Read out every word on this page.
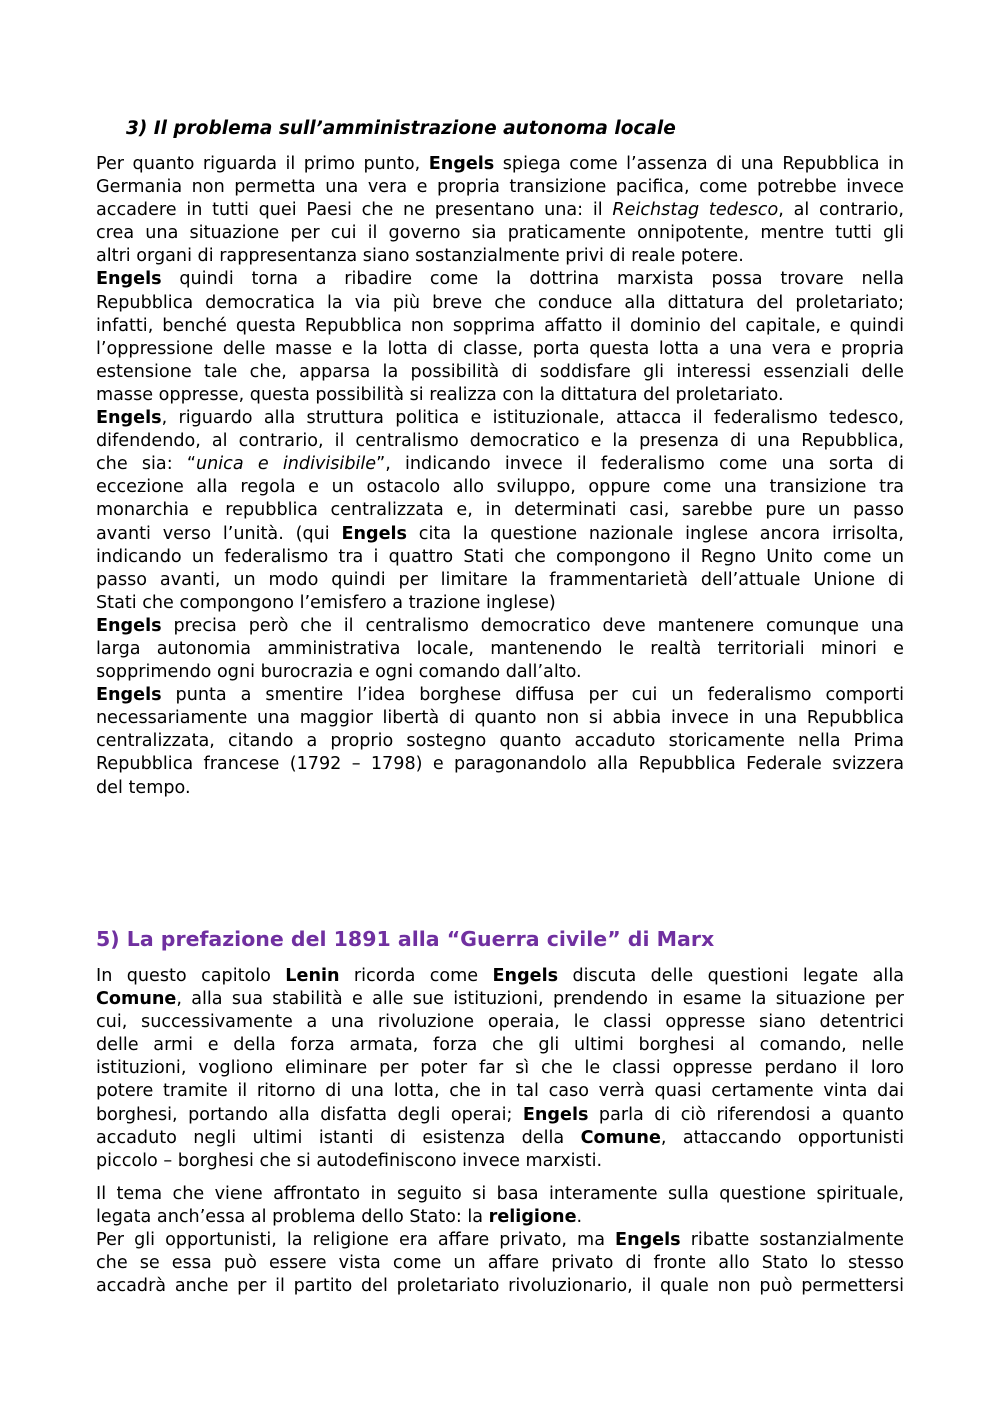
3) Il problema sull’amministrazione autonoma locale
Per quanto riguarda il primo punto, Engels spiega come l’assenza di una Repubblica in
Germania non permetta una vera e propria transizione pacifica, come potrebbe invece
accadere in tutti quei Paesi che ne presentano una: il Reichstag tedesco, al contrario,
crea una situazione per cui il governo sia praticamente onnipotente, mentre tutti gli
altri organi di rappresentanza siano sostanzialmente privi di reale potere.
Engels quindi torna a ribadire come la dottrina marxista possa trovare nella
Repubblica democratica la via più breve che conduce alla dittatura del proletariato;
infatti, benché questa Repubblica non sopprima affatto il dominio del capitale, e quindi
l’oppressione delle masse e la lotta di classe, porta questa lotta a una vera e propria
estensione tale che, apparsa la possibilità di soddisfare gli interessi essenziali delle
masse oppresse, questa possibilità si realizza con la dittatura del proletariato.
Engels, riguardo alla struttura politica e istituzionale, attacca il federalismo tedesco,
difendendo, al contrario, il centralismo democratico e la presenza di una Repubblica,
che sia: “unica e indivisibile”, indicando invece il federalismo come una sorta di
eccezione alla regola e un ostacolo allo sviluppo, oppure come una transizione tra
monarchia e repubblica centralizzata e, in determinati casi, sarebbe pure un passo
avanti verso l’unità. (qui Engels cita la questione nazionale inglese ancora irrisolta,
indicando un federalismo tra i quattro Stati che compongono il Regno Unito come un
passo avanti, un modo quindi per limitare la frammentarietà dell’attuale Unione di
Stati che compongono l’emisfero a trazione inglese)
Engels precisa però che il centralismo democratico deve mantenere comunque una
larga autonomia amministrativa locale, mantenendo le realtà territoriali minori e
sopprimendo ogni burocrazia e ogni comando dall’alto.
Engels punta a smentire l’idea borghese diffusa per cui un federalismo comporti
necessariamente una maggior libertà di quanto non si abbia invece in una Repubblica
centralizzata, citando a proprio sostegno quanto accaduto storicamente nella Prima
Repubblica francese (1792 – 1798) e paragonandolo alla Repubblica Federale svizzera
del tempo.
5) La prefazione del 1891 alla “Guerra civile” di Marx
In questo capitolo Lenin ricorda come Engels discuta delle questioni legate alla
Comune, alla sua stabilità e alle sue istituzioni, prendendo in esame la situazione per
cui, successivamente a una rivoluzione operaia, le classi oppresse siano detentrici
delle armi e della forza armata, forza che gli ultimi borghesi al comando, nelle
istituzioni, vogliono eliminare per poter far sì che le classi oppresse perdano il loro
potere tramite il ritorno di una lotta, che in tal caso verrà quasi certamente vinta dai
borghesi, portando alla disfatta degli operai; Engels parla di ciò riferendosi a quanto
accaduto negli ultimi istanti di esistenza della Comune, attaccando opportunisti
piccolo – borghesi che si autodefiniscono invece marxisti.
Il tema che viene affrontato in seguito si basa interamente sulla questione spirituale,
legata anch’essa al problema dello Stato: la religione.
Per gli opportunisti, la religione era affare privato, ma Engels ribatte sostanzialmente
che se essa può essere vista come un affare privato di fronte allo Stato lo stesso
accadrà anche per il partito del proletariato rivoluzionario, il quale non può permettersi
